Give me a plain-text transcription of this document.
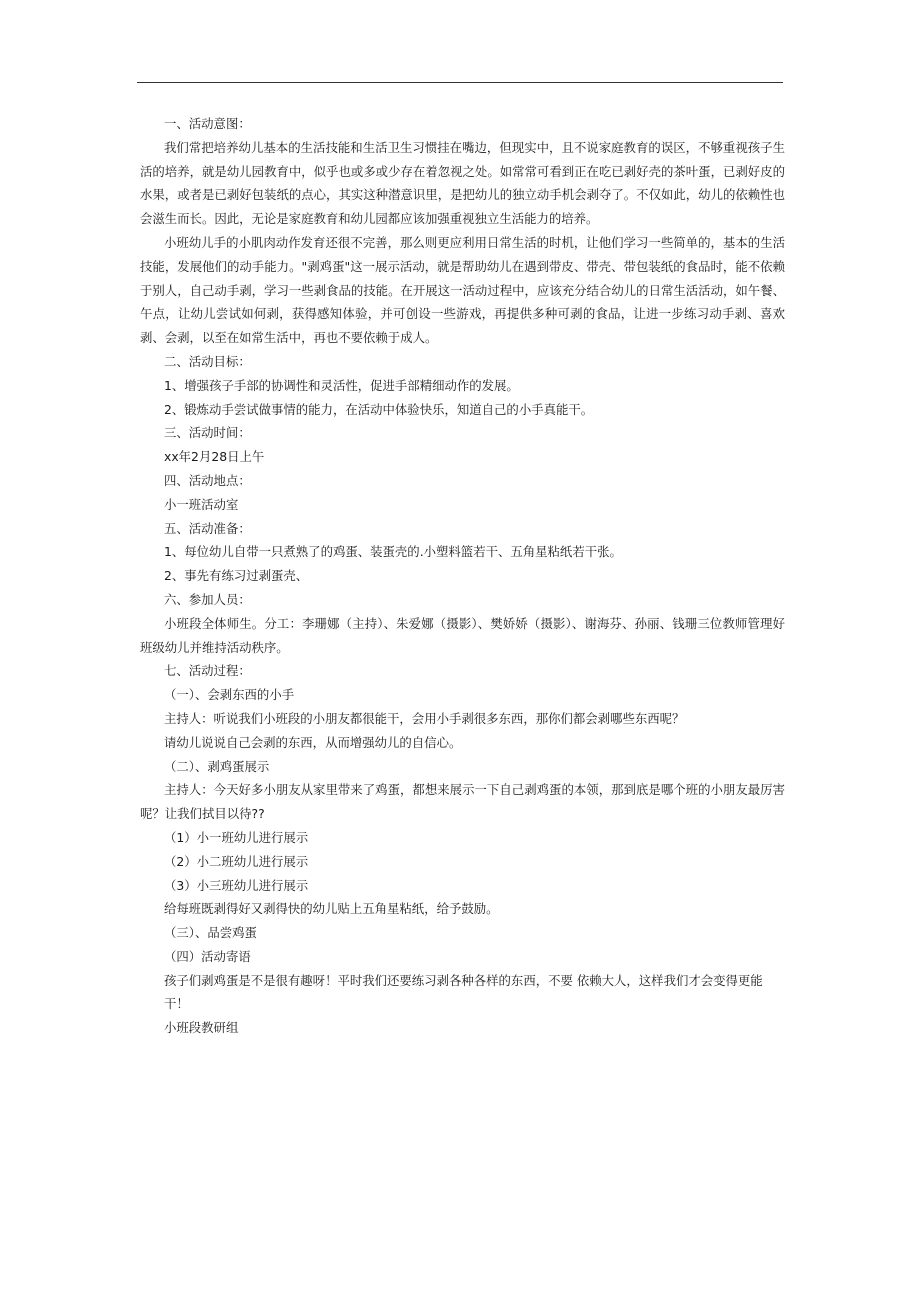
一、活动意图：

我们常把培养幼儿基本的生活技能和生活卫生习惯挂在嘴边，但现实中，且不说家庭教育的误区，不够重视孩子生活的培养，就是幼儿园教育中，似乎也或多或少存在着忽视之处。如常常可看到正在吃已剥好壳的茶叶蛋，已剥好皮的水果，或者是已剥好包装纸的点心，其实这种潜意识里，是把幼儿的独立动手机会剥夺了。不仅如此，幼儿的依赖性也会滋生而长。因此，无论是家庭教育和幼儿园都应该加强重视独立生活能力的培养。

小班幼儿手的小肌肉动作发育还很不完善，那么则更应利用日常生活的时机，让他们学习一些简单的，基本的生活技能，发展他们的动手能力。"剥鸡蛋"这一展示活动，就是帮助幼儿在遇到带皮、带壳、带包装纸的食品时，能不依赖于别人，自己动手剥，学习一些剥食品的技能。在开展这一活动过程中，应该充分结合幼儿的日常生活活动，如午餐、午点，让幼儿尝试如何剥，获得感知体验，并可创设一些游戏，再提供多种可剥的食品，让进一步练习动手剥、喜欢剥、会剥，以至在如常生活中，再也不要依赖于成人。

二、活动目标：

1、增强孩子手部的协调性和灵活性，促进手部精细动作的发展。

2、锻炼动手尝试做事情的能力，在活动中体验快乐，知道自己的小手真能干。

三、活动时间：

xx年2月28日上午

四、活动地点：

小一班活动室

五、活动准备：

1、每位幼儿自带一只煮熟了的鸡蛋、装蛋壳的.小塑料篮若干、五角星粘纸若干张。

2、事先有练习过剥蛋壳、

六、参加人员：

小班段全体师生。分工：李珊娜（主持）、朱爱娜（摄影）、樊娇娇（摄影）、谢海芬、孙丽、钱珊三位教师管理好班级幼儿并维持活动秩序。

七、活动过程：

（一）、会剥东西的小手

主持人：听说我们小班段的小朋友都很能干，会用小手剥很多东西，那你们都会剥哪些东西呢？

请幼儿说说自己会剥的东西，从而增强幼儿的自信心。

（二）、剥鸡蛋展示

主持人：今天好多小朋友从家里带来了鸡蛋，都想来展示一下自己剥鸡蛋的本领，那到底是哪个班的小朋友最厉害呢？让我们拭目以待??

（1）小一班幼儿进行展示

（2）小二班幼儿进行展示

（3）小三班幼儿进行展示

给每班既剥得好又剥得快的幼儿贴上五角星粘纸，给予鼓励。

（三）、品尝鸡蛋

（四）活动寄语

孩子们剥鸡蛋是不是很有趣呀！平时我们还要练习剥各种各样的东西，不要 依赖大人，这样我们才会变得更能干！

小班段教研组
